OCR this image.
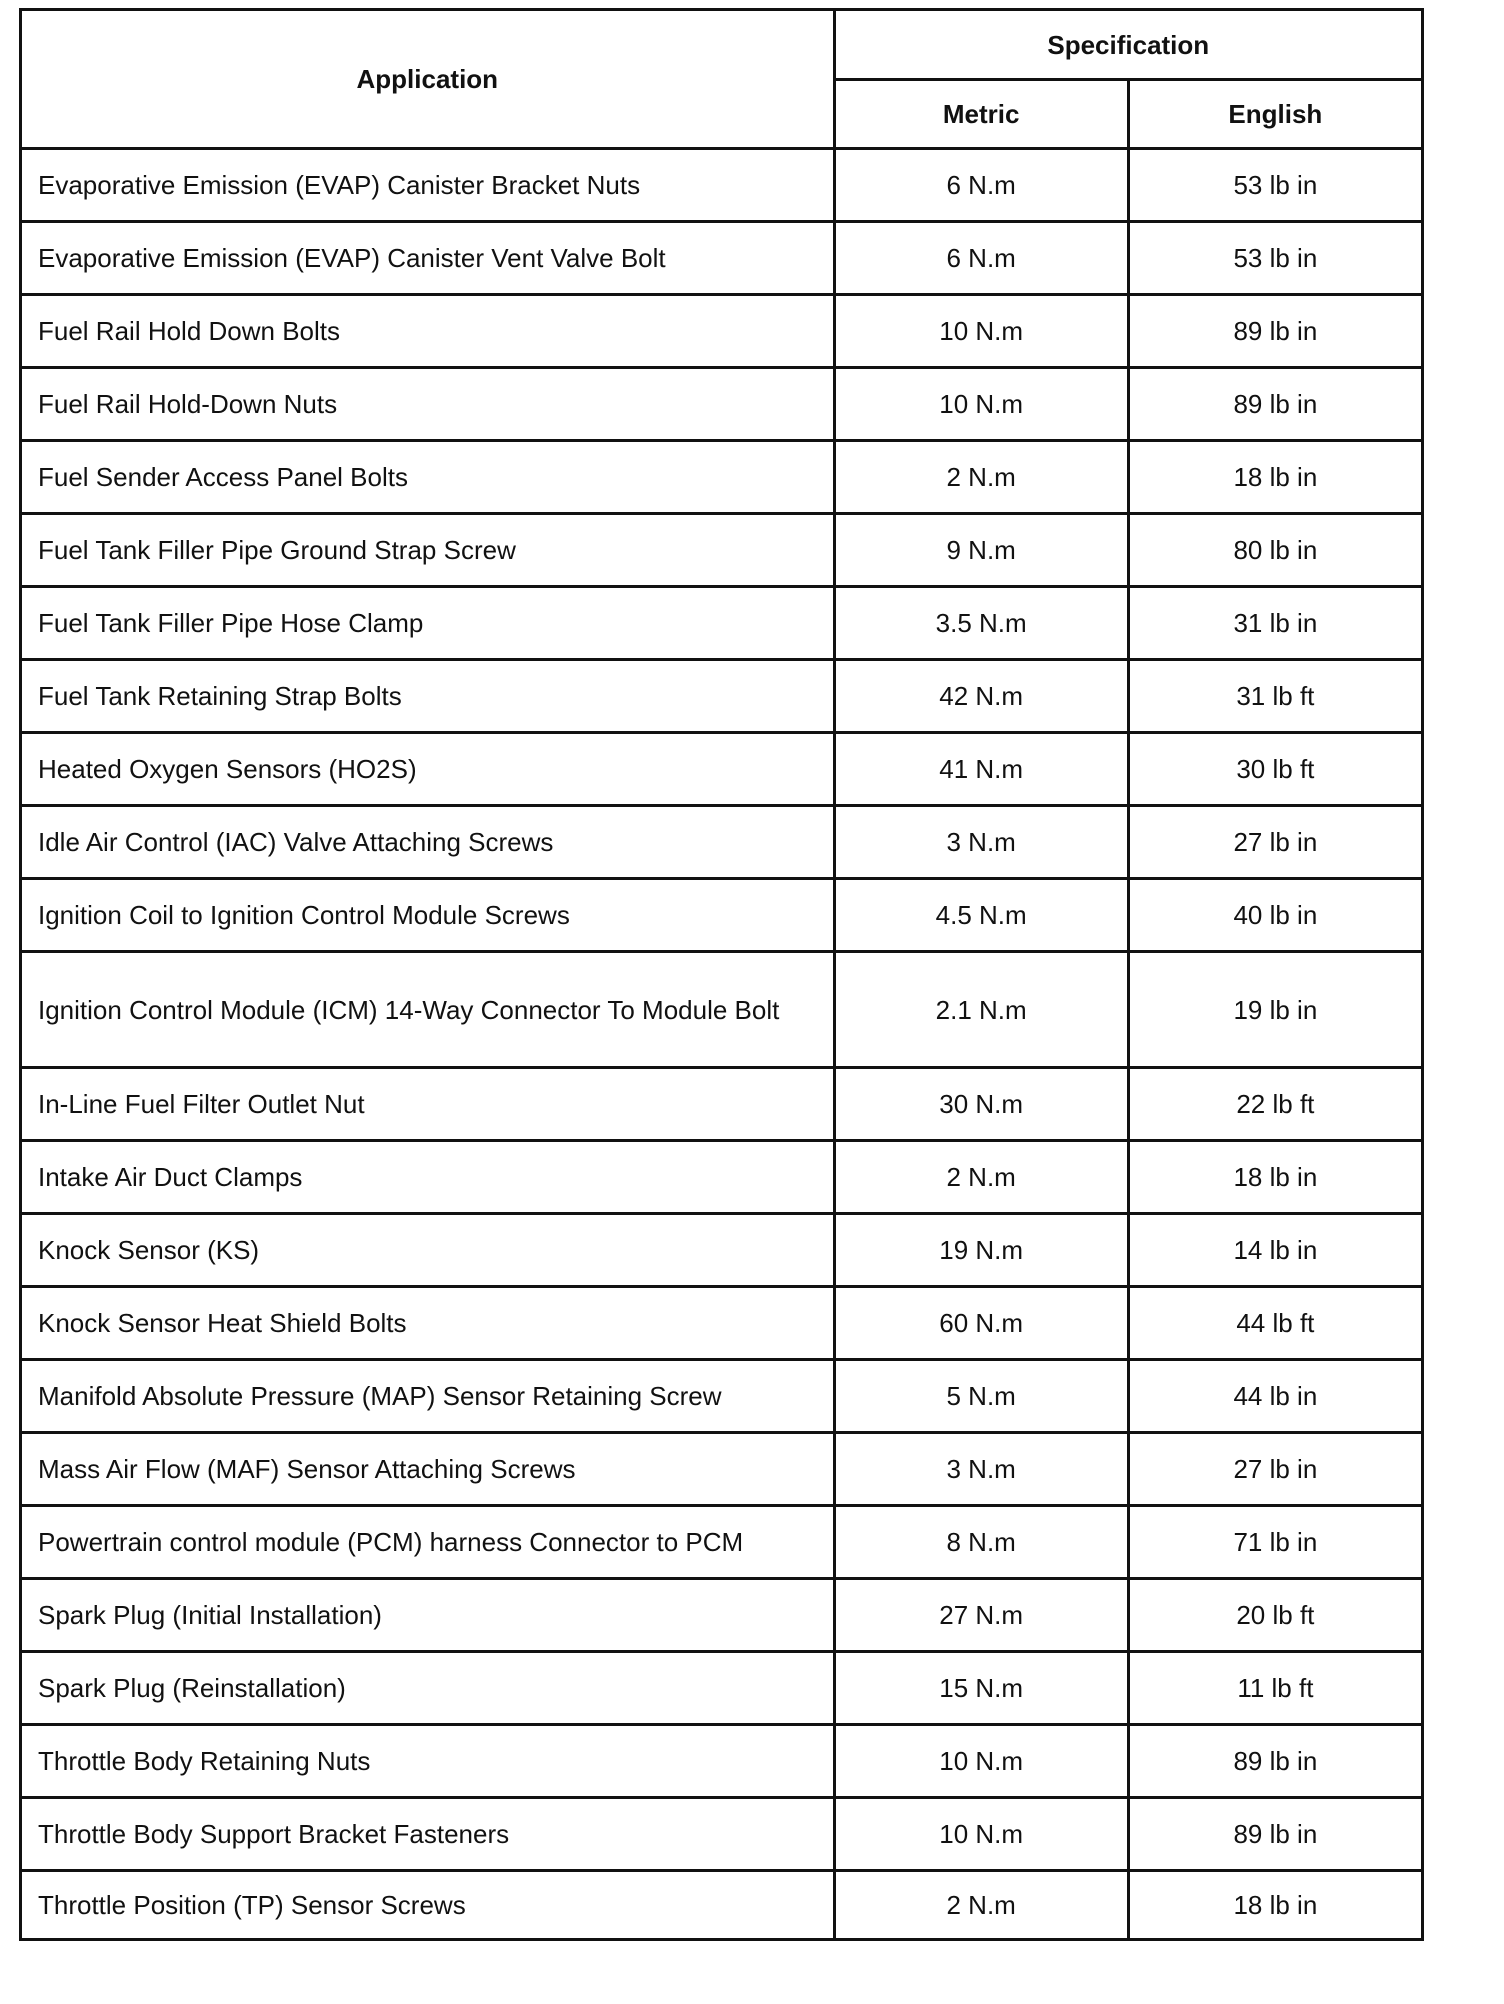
Application	Specification	
	Metric	English
Evaporative Emission (EVAP) Canister Bracket Nuts	6 N.m	53 lb in
Evaporative Emission (EVAP) Canister Vent Valve Bolt	6 N.m	53 lb in
Fuel Rail Hold Down Bolts	10 N.m	89 lb in
Fuel Rail Hold-Down Nuts	10 N.m	89 lb in
Fuel Sender Access Panel Bolts	2 N.m	18 lb in
Fuel Tank Filler Pipe Ground Strap Screw	9 N.m	80 lb in
Fuel Tank Filler Pipe Hose Clamp	3.5 N.m	31 lb in
Fuel Tank Retaining Strap Bolts	42 N.m	31 lb ft
Heated Oxygen Sensors (HO2S)	41 N.m	30 lb ft
Idle Air Control (IAC) Valve Attaching Screws	3 N.m	27 lb in
Ignition Coil to Ignition Control Module Screws	4.5 N.m	40 lb in
Ignition Control Module (ICM) 14-Way Connector To Module Bolt	2.1 N.m	19 lb in
In-Line Fuel Filter Outlet Nut	30 N.m	22 lb ft
Intake Air Duct Clamps	2 N.m	18 lb in
Knock Sensor (KS)	19 N.m	14 lb in
Knock Sensor Heat Shield Bolts	60 N.m	44 lb ft
Manifold Absolute Pressure (MAP) Sensor Retaining Screw	5 N.m	44 lb in
Mass Air Flow (MAF) Sensor Attaching Screws	3 N.m	27 lb in
Powertrain control module (PCM) harness Connector to PCM	8 N.m	71 lb in
Spark Plug (Initial Installation)	27 N.m	20 lb ft
Spark Plug (Reinstallation)	15 N.m	11 lb ft
Throttle Body Retaining Nuts	10 N.m	89 lb in
Throttle Body Support Bracket Fasteners	10 N.m	89 lb in
Throttle Position (TP) Sensor Screws	2 N.m	18 lb in
